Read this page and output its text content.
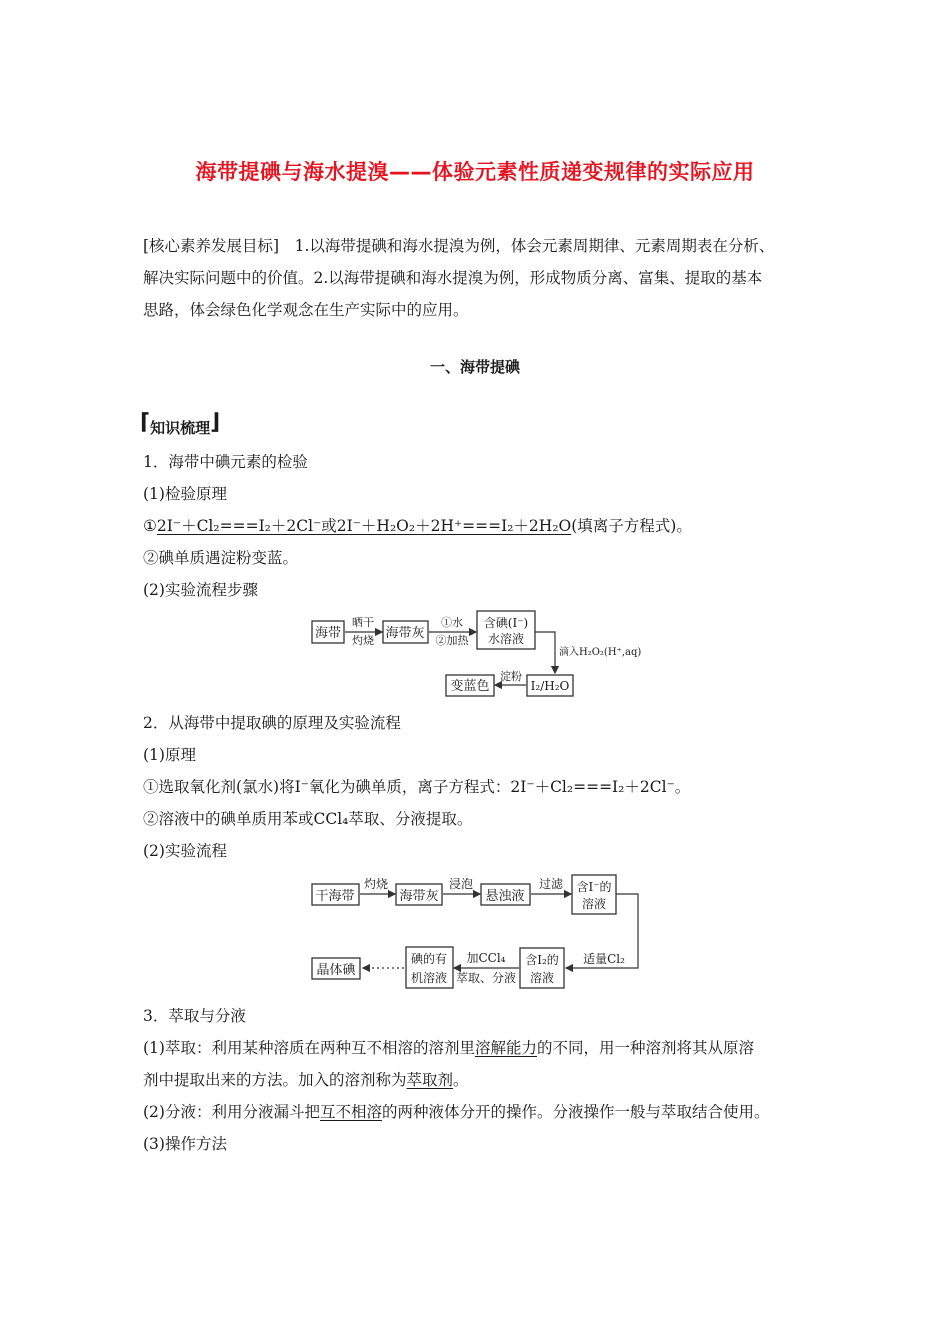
海带提碘与海水提溴——体验元素性质递变规律的实际应用
[核心素养发展目标]　1.以海带提碘和海水提溴为例，体会元素周期律、元素周期表在分析、
解决实际问题中的价值。2.以海带提碘和海水提溴为例，形成物质分离、富集、提取的基本
思路，体会绿色化学观念在生产实际中的应用。
一、海带提碘
⌈知识梳理⌋
1．海带中碘元素的检验
(1)检验原理
①2I⁻＋Cl₂===I₂＋2Cl⁻或2I⁻＋H₂O₂＋2H⁺===I₂＋2H₂O(填离子方程式)。
②碘单质遇淀粉变蓝。
(2)实验流程步骤
海带
晒干
灼烧 海带灰
①水
②加热
含碘(I⁻)
水溶液
滴入H₂O₂(H⁺,aq)
I₂/H₂O
淀粉
变蓝色
2．从海带中提取碘的原理及实验流程
(1)原理
①选取氧化剂(氯水)将I⁻氧化为碘单质，离子方程式：2I⁻＋Cl₂===I₂＋2Cl⁻。
②溶液中的碘单质用苯或CCl₄萃取、分液提取。
(2)实验流程
干海带
灼烧
海带灰
浸泡
悬浊液
过滤 含I⁻的
溶液
适量Cl₂
含I₂的
溶液
加CCl₄
萃取、分液
碘的有
机溶液
晶体碘
3．萃取与分液
(1)萃取：利用某种溶质在两种互不相溶的溶剂里溶解能力的不同，用一种溶剂将其从原溶
剂中提取出来的方法。加入的溶剂称为萃取剂。
(2)分液：利用分液漏斗把互不相溶的两种液体分开的操作。分液操作一般与萃取结合使用。
(3)操作方法
